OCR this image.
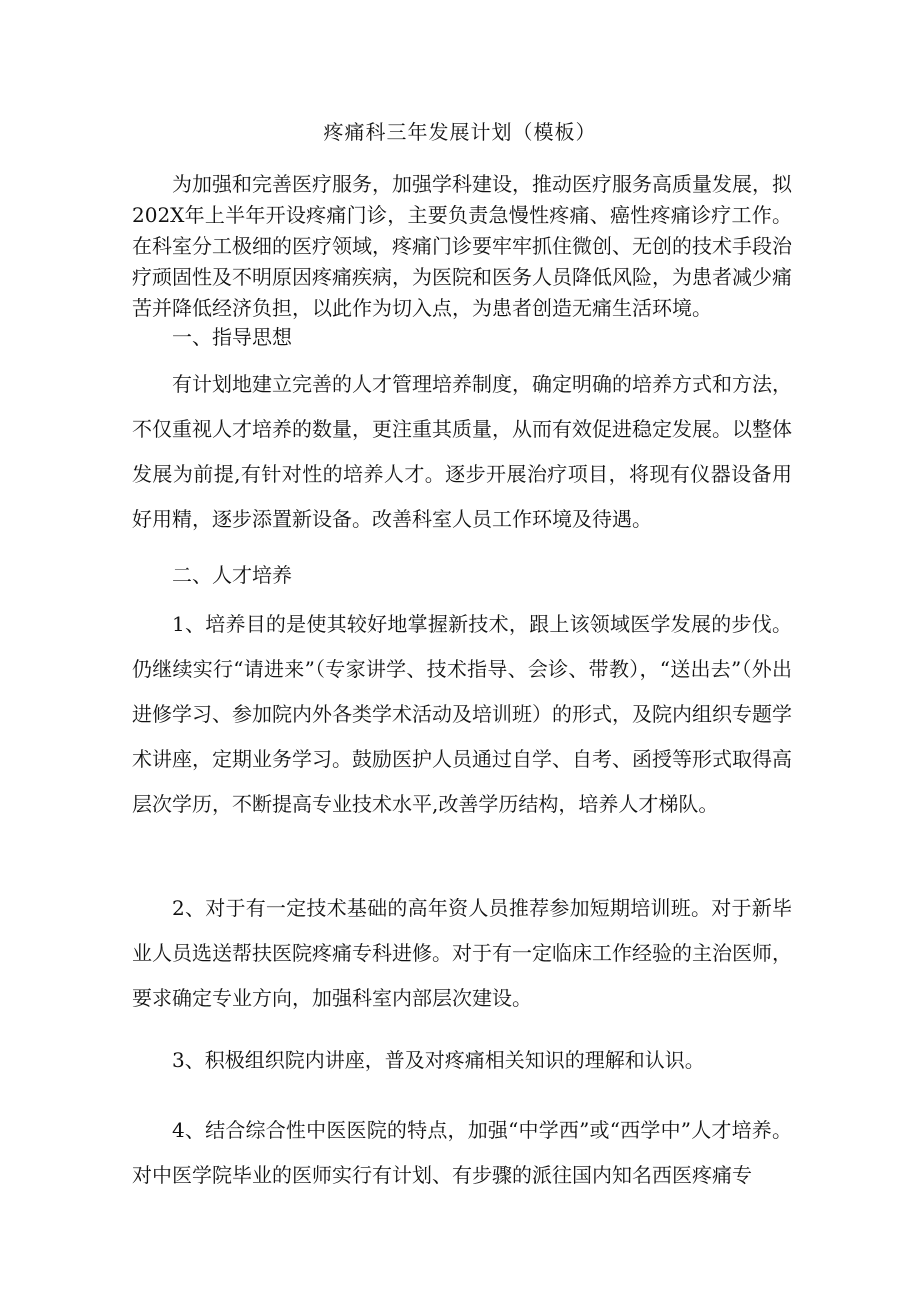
疼痛科三年发展计划（模板）

为加强和完善医疗服务，加强学科建设，推动医疗服务高质量发展，拟202X年上半年开设疼痛门诊，主要负责急慢性疼痛、癌性疼痛诊疗工作。在科室分工极细的医疗领域，疼痛门诊要牢牢抓住微创、无创的技术手段治疗顽固性及不明原因疼痛疾病，为医院和医务人员降低风险，为患者减少痛苦并降低经济负担，以此作为切入点，为患者创造无痛生活环境。

一、指导思想

有计划地建立完善的人才管理培养制度，确定明确的培养方式和方法，不仅重视人才培养的数量，更注重其质量，从而有效促进稳定发展。以整体发展为前提,有针对性的培养人才。逐步开展治疗项目，将现有仪器设备用好用精，逐步添置新设备。改善科室人员工作环境及待遇。

二、人才培养

1、培养目的是使其较好地掌握新技术，跟上该领域医学发展的步伐。仍继续实行“请进来”（专家讲学、技术指导、会诊、带教），“送出去”（外出进修学习、参加院内外各类学术活动及培训班）的形式，及院内组织专题学术讲座，定期业务学习。鼓励医护人员通过自学、自考、函授等形式取得高层次学历，不断提高专业技术水平,改善学历结构，培养人才梯队。

2、对于有一定技术基础的高年资人员推荐参加短期培训班。对于新毕业人员选送帮扶医院疼痛专科进修。对于有一定临床工作经验的主治医师，要求确定专业方向，加强科室内部层次建设。

3、积极组织院内讲座，普及对疼痛相关知识的理解和认识。

4、结合综合性中医医院的特点，加强“中学西”或“西学中”人才培养。对中医学院毕业的医师实行有计划、有步骤的派往国内知名西医疼痛专
